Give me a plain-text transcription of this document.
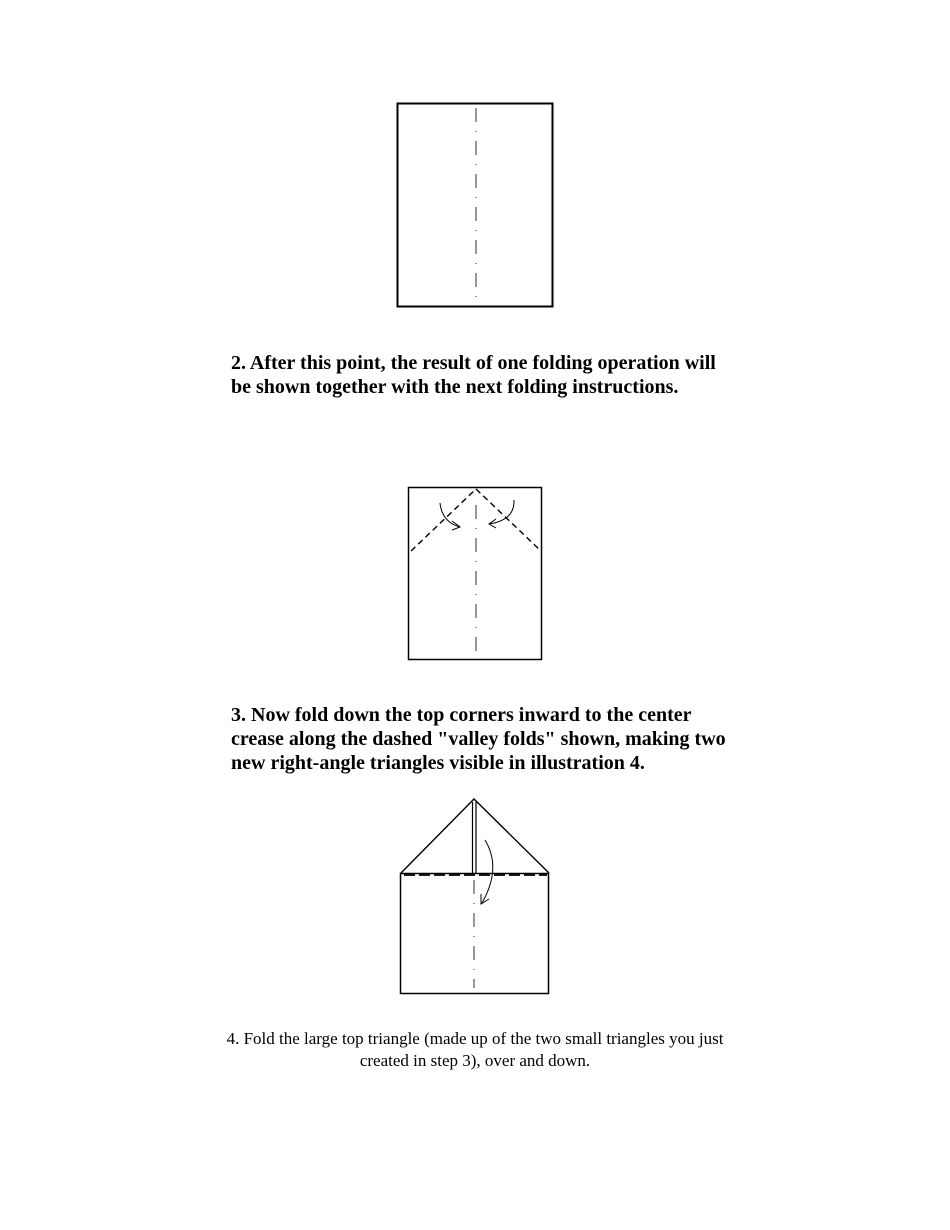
2. After this point, the result of one folding operation will be shown together with the next folding instructions.

3. Now fold down the top corners inward to the center crease along the dashed "valley folds" shown, making two new right-angle triangles visible in illustration 4.

4. Fold the large top triangle (made up of the two small triangles you just created in step 3), over and down.
